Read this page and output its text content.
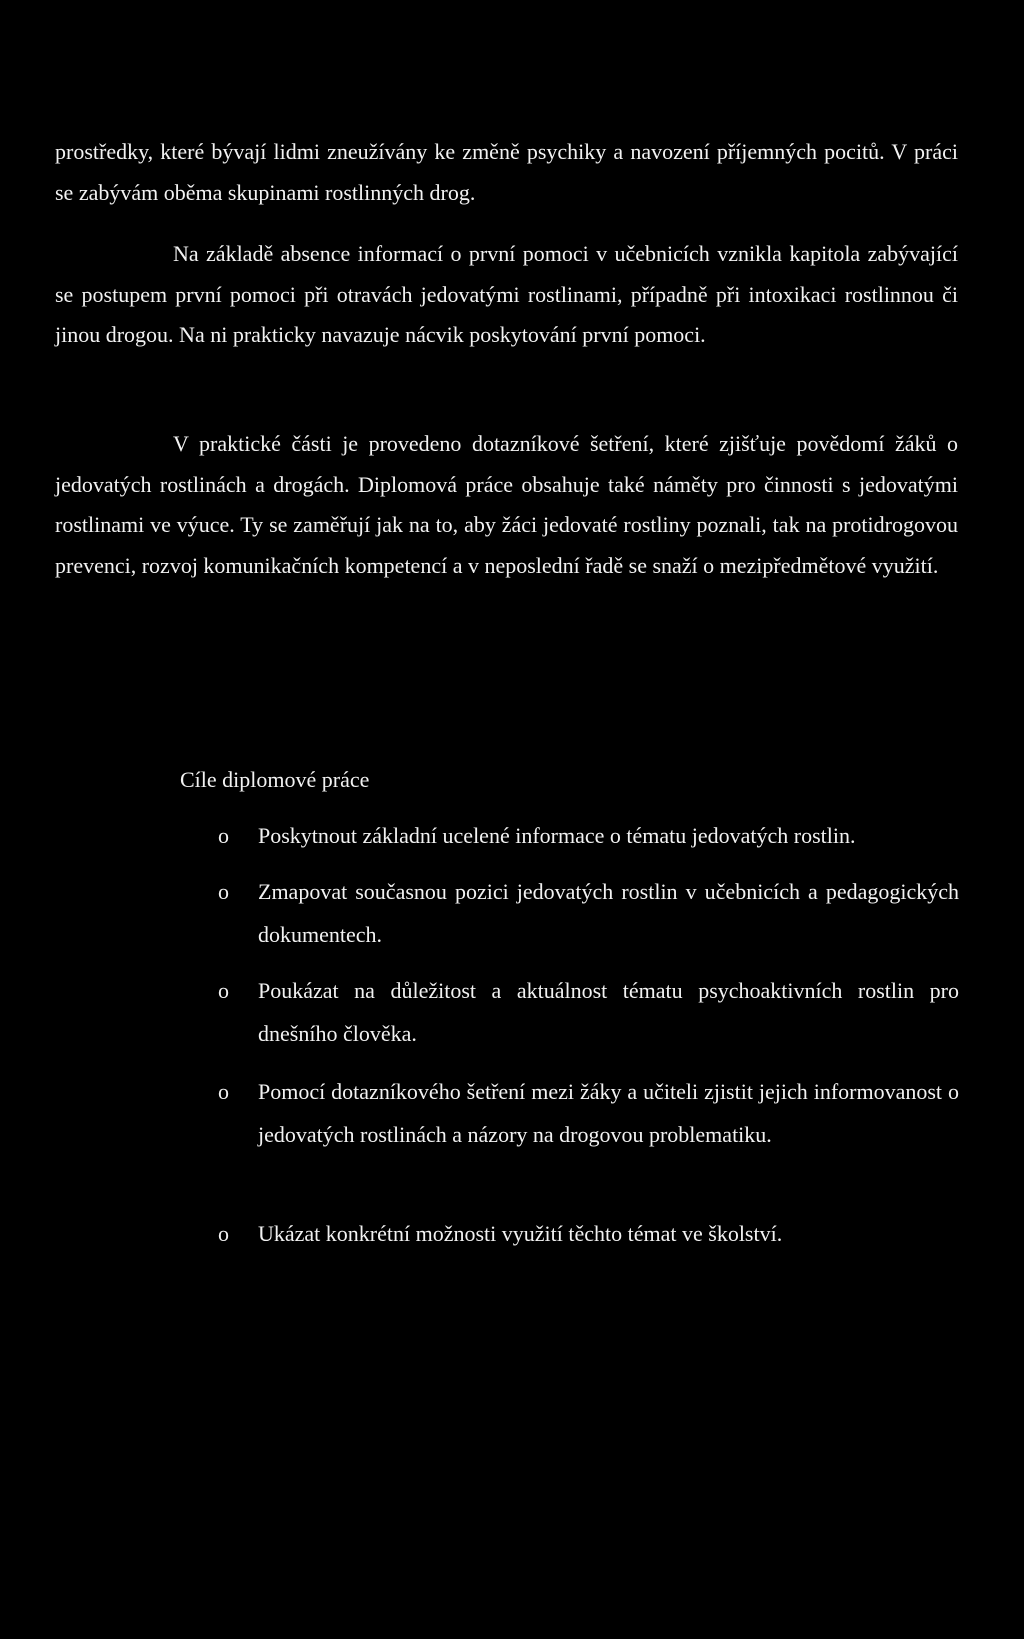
prostředky, které bývají lidmi zneužívány ke změně psychiky a navození příjemných pocitů. V práci se zabývám oběma skupinami rostlinných drog.

Na základě absence informací o první pomoci v učebnicích vznikla kapitola zabývající se postupem první pomoci při otravách jedovatými rostlinami, případně při intoxikaci rostlinnou či jinou drogou. Na ni prakticky navazuje nácvik poskytování první pomoci.

V praktické části je provedeno dotazníkové šetření, které zjišťuje povědomí žáků o jedovatých rostlinách a drogách. Diplomová práce obsahuje také náměty pro činnosti s jedovatými rostlinami ve výuce. Ty se zaměřují jak na to, aby žáci jedovaté rostliny poznali, tak na protidrogovou prevenci, rozvoj komunikačních kompetencí a v neposlední řadě se snaží o mezipředmětové využití.

Cíle diplomové práce
o Poskytnout základní ucelené informace o tématu jedovatých rostlin.

o Zmapovat současnou pozici jedovatých rostlin v učebnicích a pedagogických dokumentech.

o Poukázat na důležitost a aktuálnost tématu psychoaktivních rostlin pro dnešního člověka.

o Pomocí dotazníkového šetření mezi žáky a učiteli zjistit jejich informovanost o jedovatých rostlinách a názory na drogovou problematiku.

o Ukázat konkrétní možnosti využití těchto témat ve školství.
